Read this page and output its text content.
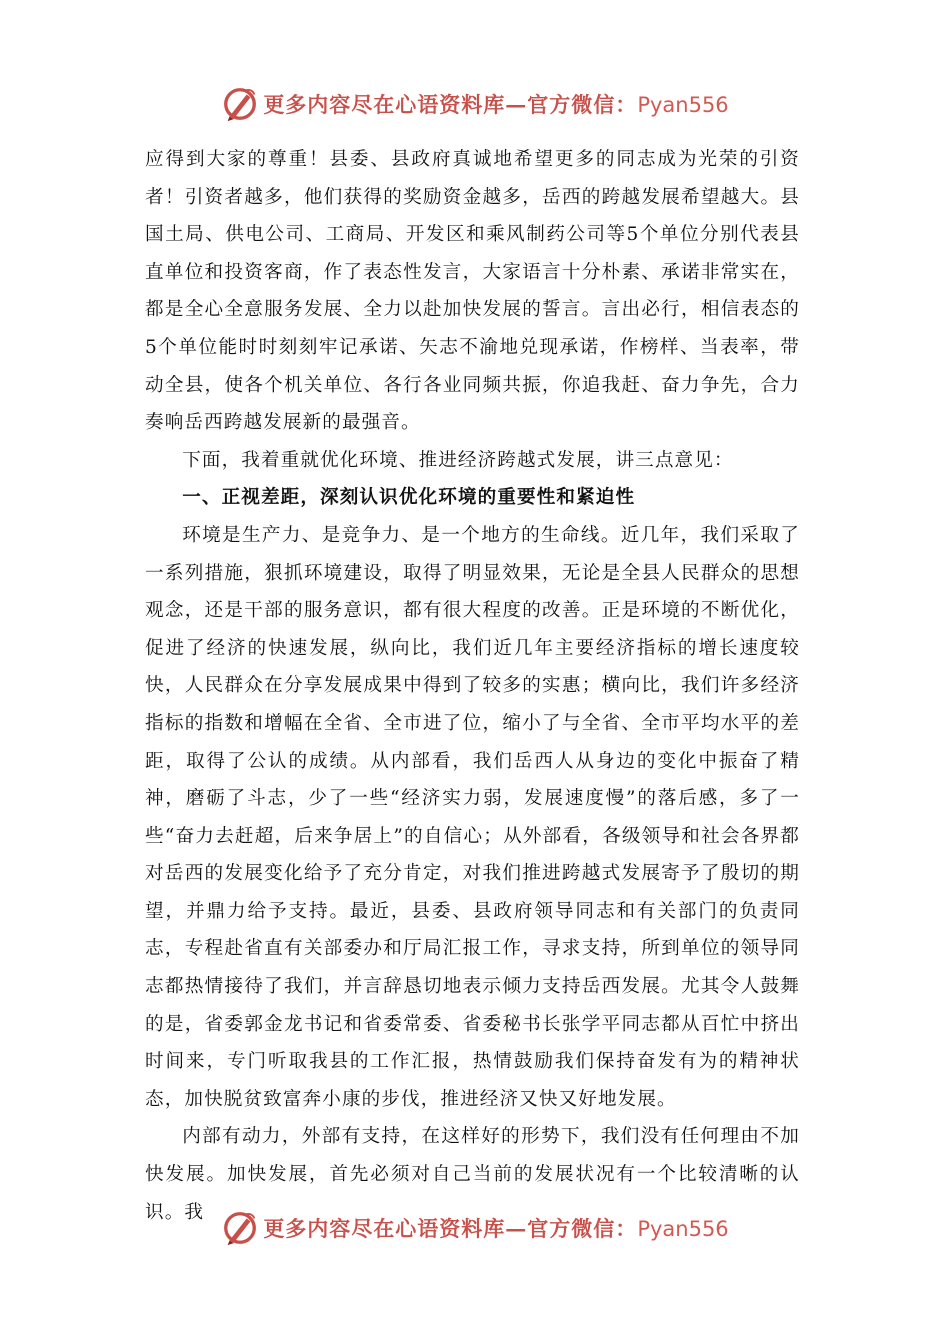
更多内容尽在心语资料库—官方微信：Pyan556

应得到大家的尊重！县委、县政府真诚地希望更多的同志成为光荣的引资者！引资者越多，他们获得的奖励资金越多，岳西的跨越发展希望越大。县国土局、供电公司、工商局、开发区和乘风制药公司等5个单位分别代表县直单位和投资客商，作了表态性发言，大家语言十分朴素、承诺非常实在，都是全心全意服务发展、全力以赴加快发展的誓言。言出必行，相信表态的5个单位能时时刻刻牢记承诺、矢志不渝地兑现承诺，作榜样、当表率，带动全县，使各个机关单位、各行各业同频共振，你追我赶、奋力争先，合力奏响岳西跨越发展新的最强音。

下面，我着重就优化环境、推进经济跨越式发展，讲三点意见：

一、正视差距，深刻认识优化环境的重要性和紧迫性

环境是生产力、是竞争力、是一个地方的生命线。近几年，我们采取了一系列措施，狠抓环境建设，取得了明显效果，无论是全县人民群众的思想观念，还是干部的服务意识，都有很大程度的改善。正是环境的不断优化，促进了经济的快速发展，纵向比，我们近几年主要经济指标的增长速度较快，人民群众在分享发展成果中得到了较多的实惠；横向比，我们许多经济指标的指数和增幅在全省、全市进了位，缩小了与全省、全市平均水平的差距，取得了公认的成绩。从内部看，我们岳西人从身边的变化中振奋了精神，磨砺了斗志，少了一些“经济实力弱，发展速度慢”的落后感，多了一些“奋力去赶超，后来争居上”的自信心；从外部看，各级领导和社会各界都对岳西的发展变化给予了充分肯定，对我们推进跨越式发展寄予了殷切的期望，并鼎力给予支持。最近，县委、县政府领导同志和有关部门的负责同志，专程赴省直有关部委办和厅局汇报工作，寻求支持，所到单位的领导同志都热情接待了我们，并言辞恳切地表示倾力支持岳西发展。尤其令人鼓舞的是，省委郭金龙书记和省委常委、省委秘书长张学平同志都从百忙中挤出时间来，专门听取我县的工作汇报，热情鼓励我们保持奋发有为的精神状态，加快脱贫致富奔小康的步伐，推进经济又快又好地发展。

内部有动力，外部有支持，在这样好的形势下，我们没有任何理由不加快发展。加快发展，首先必须对自己当前的发展状况有一个比较清晰的认识。我

更多内容尽在心语资料库—官方微信：Pyan556
